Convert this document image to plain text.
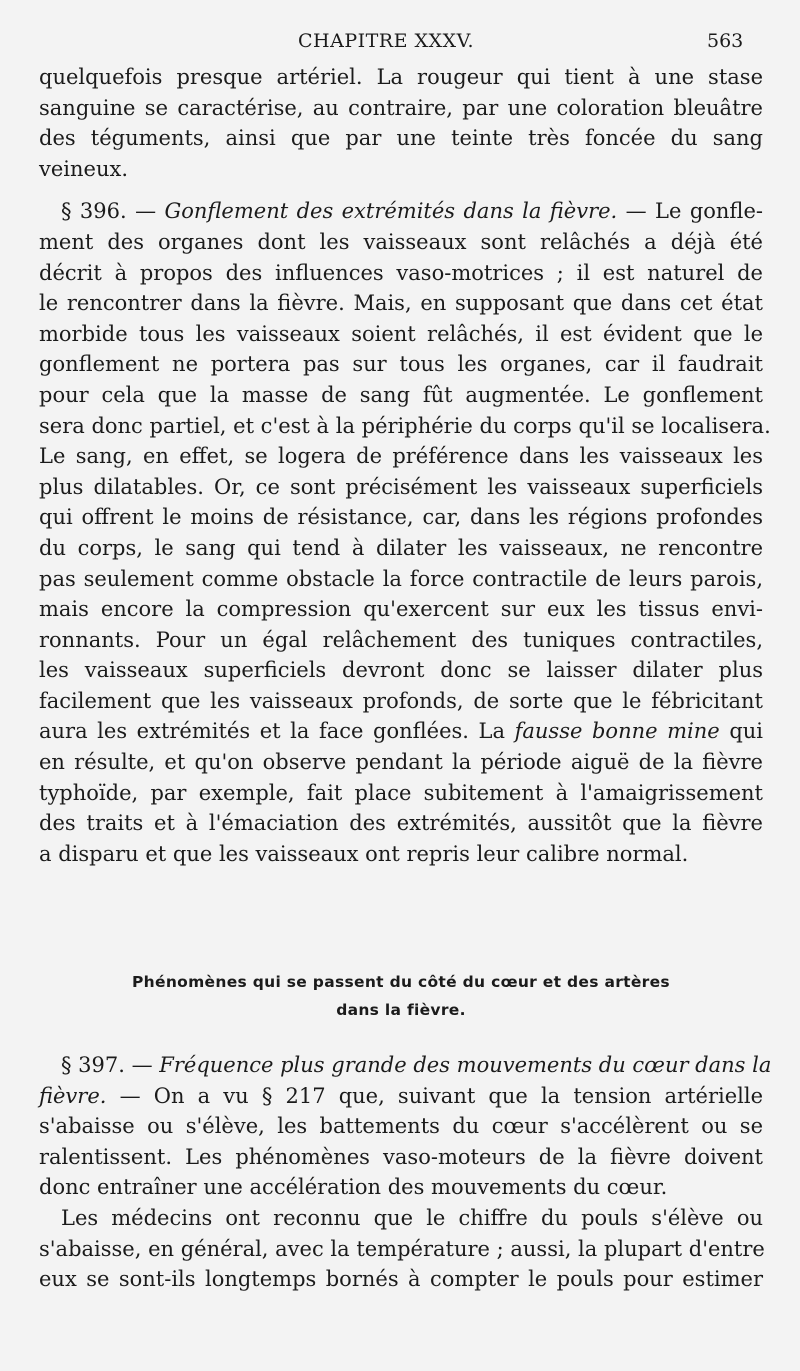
CHAPITRE XXXV.	563
quelquefois presque artériel. La rougeur qui tient à une stase
sanguine se caractérise, au contraire, par une coloration bleuâtre
des téguments, ainsi que par une teinte très foncée du sang
veineux.
§ 396. — Gonflement des extrémités dans la fièvre. — Le gonfle-
ment des organes dont les vaisseaux sont relâchés a déjà été
décrit à propos des influences vaso-motrices ; il est naturel de
le rencontrer dans la fièvre. Mais, en supposant que dans cet état
morbide tous les vaisseaux soient relâchés, il est évident que le
gonflement ne portera pas sur tous les organes, car il faudrait
pour cela que la masse de sang fût augmentée. Le gonflement
sera donc partiel, et c'est à la périphérie du corps qu'il se localisera.
Le sang, en effet, se logera de préférence dans les vaisseaux les
plus dilatables. Or, ce sont précisément les vaisseaux superficiels
qui offrent le moins de résistance, car, dans les régions profondes
du corps, le sang qui tend à dilater les vaisseaux, ne rencontre
pas seulement comme obstacle la force contractile de leurs parois,
mais encore la compression qu'exercent sur eux les tissus envi-
ronnants. Pour un égal relâchement des tuniques contractiles,
les vaisseaux superficiels devront donc se laisser dilater plus
facilement que les vaisseaux profonds, de sorte que le fébricitant
aura les extrémités et la face gonflées. La fausse bonne mine qui
en résulte, et qu'on observe pendant la période aiguë de la fièvre
typhoïde, par exemple, fait place subitement à l'amaigrissement
des traits et à l'émaciation des extrémités, aussitôt que la fièvre
a disparu et que les vaisseaux ont repris leur calibre normal.
Phénomènes qui se passent du côté du cœur et des artères
dans la fièvre.
§ 397. — Fréquence plus grande des mouvements du cœur dans la
fièvre. — On a vu § 217 que, suivant que la tension artérielle
s'abaisse ou s'élève, les battements du cœur s'accélèrent ou se
ralentissent. Les phénomènes vaso-moteurs de la fièvre doivent
donc entraîner une accélération des mouvements du cœur.
Les médecins ont reconnu que le chiffre du pouls s'élève ou
s'abaisse, en général, avec la température ; aussi, la plupart d'entre
eux se sont-ils longtemps bornés à compter le pouls pour estimer
